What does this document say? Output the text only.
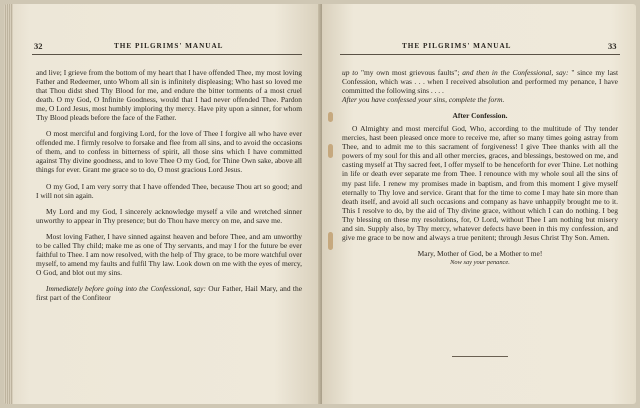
32	THE PILGRIMS' MANUAL

and live; I grieve from the bottom of my heart that I have offended Thee, my most loving Father and Redeemer, unto Whom all sin is infinitely displeasing; Who hast so loved me that Thou didst shed Thy Blood for me, and endure the bitter torments of a most cruel death. O my God, O Infinite Goodness, would that I had never offended Thee. Pardon me, O Lord Jesus, most humbly imploring thy mercy. Have pity upon a sinner, for whom Thy Blood pleads before the face of the Father.

O most merciful and forgiving Lord, for the love of Thee I forgive all who have ever offended me. I firmly resolve to forsake and flee from all sins, and to avoid the occasions of them, and to confess in bitterness of spirit, all those sins which I have committed against Thy divine goodness, and to love Thee O my God, for Thine Own sake, above all things for ever. Grant me grace so to do, O most gracious Lord Jesus.

O my God, I am very sorry that I have offended Thee, because Thou art so good; and I will not sin again.

My Lord and my God, I sincerely acknowledge myself a vile and wretched sinner unworthy to appear in Thy presence; but do Thou have mercy on me, and save me.

Most loving Father, I have sinned against heaven and before Thee, and am unworthy to be called Thy child; make me as one of Thy servants, and may I for the future be ever faithful to Thee. I am now resolved, with the help of Thy grace, to be more watchful over myself, to amend my faults and fulfil Thy law. Look down on me with the eyes of mercy, O God, and blot out my sins.

Immediately before going into the Confessional, say: Our Father, Hail Mary, and the first part of the Confiteor

THE PILGRIMS' MANUAL	33

up to "my own most grievous faults"; and then in the Confessional, say: " since my last Confession, which was . . . when I received absolution and performed my penance, I have committed the following sins . . . .

After you have confessed your sins, complete the form.

After Confession.

O Almighty and most merciful God, Who, according to the multitude of Thy tender mercies, hast been pleased once more to receive me, after so many times going astray from Thee, and to admit me to this sacrament of forgiveness! I give Thee thanks with all the powers of my soul for this and all other mercies, graces, and blessings, bestowed on me, and casting myself at Thy sacred feet, I offer myself to be henceforth for ever Thine. Let nothing in life or death ever separate me from Thee. I renounce with my whole soul all the sins of my past life. I renew my promises made in baptism, and from this moment I give myself eternally to Thy love and service. Grant that for the time to come I may hate sin more than death itself, and avoid all such occasions and company as have unhappily brought me to it. This I resolve to do, by the aid of Thy divine grace, without which I can do nothing. I beg Thy blessing on these my resolutions, for, O Lord, without Thee I am nothing but misery and sin. Supply also, by Thy mercy, whatever defects have been in this my confession, and give me grace to be now and always a true penitent; through Jesus Christ Thy Son. Amen.

Mary, Mother of God, be a Mother to me!

Now say your penance.
